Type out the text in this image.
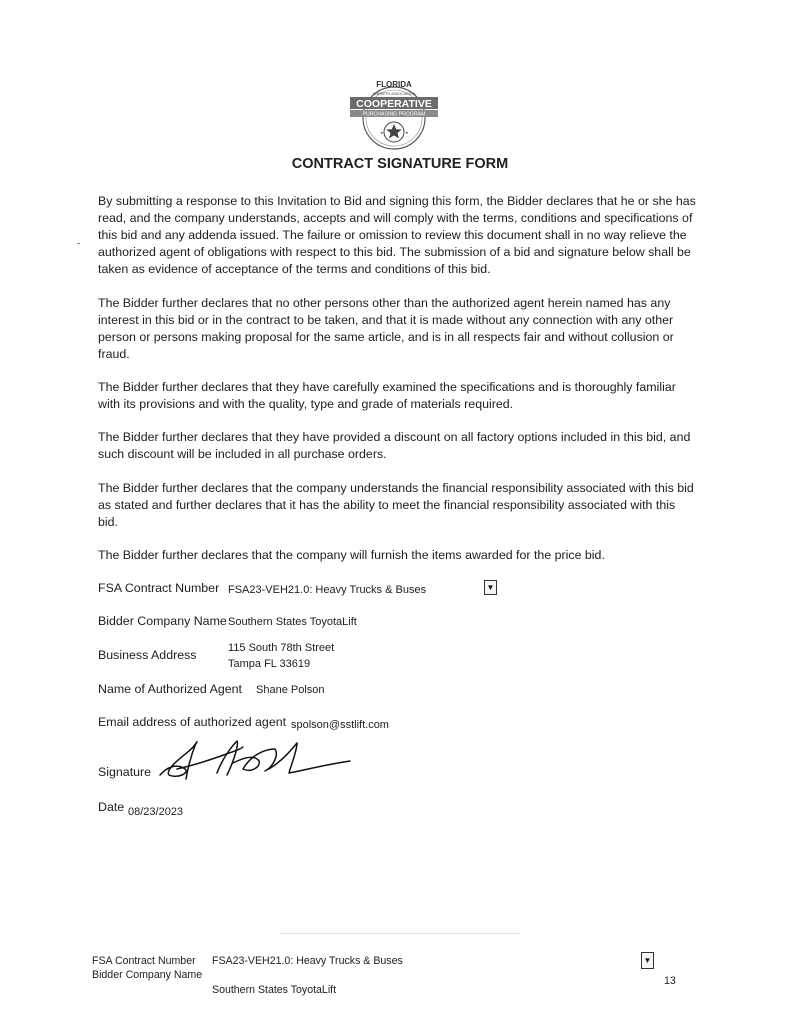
FLORIDA
SHERIFFS ASSOCIATION
COOPERATIVE
PURCHASING PROGRAM
★	★
CONTRACT SIGNATURE FORM
By submitting a response to this Invitation to Bid and signing this form, the Bidder declares that he or she has read, and the company understands, accepts and will comply with the terms, conditions and specifications of this bid and any addenda issued. The failure or omission to review this document shall in no way relieve the authorized agent of obligations with respect to this bid. The submission of a bid and signature below shall be taken as evidence of acceptance of the terms and conditions of this bid.
The Bidder further declares that no other persons other than the authorized agent herein named has any interest in this bid or in the contract to be taken, and that it is made without any connection with any other person or persons making proposal for the same article, and is in all respects fair and without collusion or fraud.
The Bidder further declares that they have carefully examined the specifications and is thoroughly familiar with its provisions and with the quality, type and grade of materials required.
The Bidder further declares that they have provided a discount on all factory options included in this bid, and such discount will be included in all purchase orders.
The Bidder further declares that the company understands the financial responsibility associated with this bid as stated and further declares that it has the ability to meet the financial responsibility associated with this bid.
The Bidder further declares that the company will furnish the items awarded for the price bid.
FSA Contract Number FSA23-VEH21.0: Heavy Trucks & Buses	▼
Bidder Company Name Southern States ToyotaLift
Business Address	115 South 78th Street
Tampa FL 33619
Name of Authorized Agent Shane Polson
Email address of authorized agent spolson@sstlift.com
Signature
Date 08/23/2023
FSA Contract Number FSA23-VEH21.0: Heavy Trucks & Buses	▼
Bidder Company Name
Southern States ToyotaLift
13
